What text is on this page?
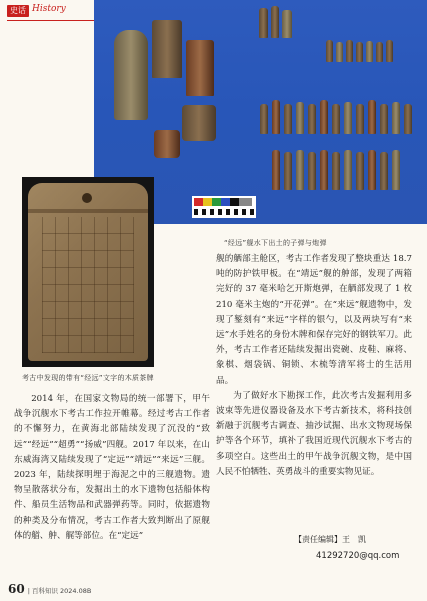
史话 History
“经远”舰水下出土的子弹与炮弹
考古中发现的带有“经远”文字的木质茶牌

舰的舾部主舱区，考古工作者发现了整块重达 18.7 吨的防护铁甲板。在“靖远”舰的舯部，发现了两箱完好的 37 毫米哈乞开斯炮弹，在舾部发现了 1 枚 210 毫米主炮的“开花弹”。在“来远”舰遗物中，发现了錾刻有“来远”字样的银勺，以及两块写有“来远”水手姓名的身份木牌和保存完好的钢铁军刀。此外，考古工作者还陆续发掘出瓷碗、皮鞋、麻将、象棋、烟袋锅、铜锁、木梳等清军将士的生活用品。

为了做好水下勘探工作，此次考古发掘利用多波束等先进仪器设备及水下考古新技术，将科技创新融于沉舰考古调查、抽沙试掘、出水文物现场保护等各个环节，填补了我国近现代沉舰水下考古的多项空白。这些出土的甲午战争沉舰文物，是中国人民不怕牺牲、英勇战斗的重要实物见证。

2014 年，在国家文物局的统一部署下，甲午战争沉舰水下考古工作拉开帷幕。经过考古工作者的不懈努力，在黄海北部陆续发现了沉没的“致远”“经远”“超勇”“扬威”四舰。2017 年以来，在山东威海湾又陆续发现了“定远”“靖远”“来远”三舰。2023 年，陆续探明埋于海泥之中的三舰遗物。遗物呈散落状分布，发掘出土的水下遗物包括船体构件、船员生活物品和武器弹药等。同时，依据遗物的种类及分布情况，考古工作者大致判断出了原舰体的艏、舯、艉等部位。在“定远”	【责任编辑】王　凯
41292720@qq.com
60 | 百科知识 2024.08B
